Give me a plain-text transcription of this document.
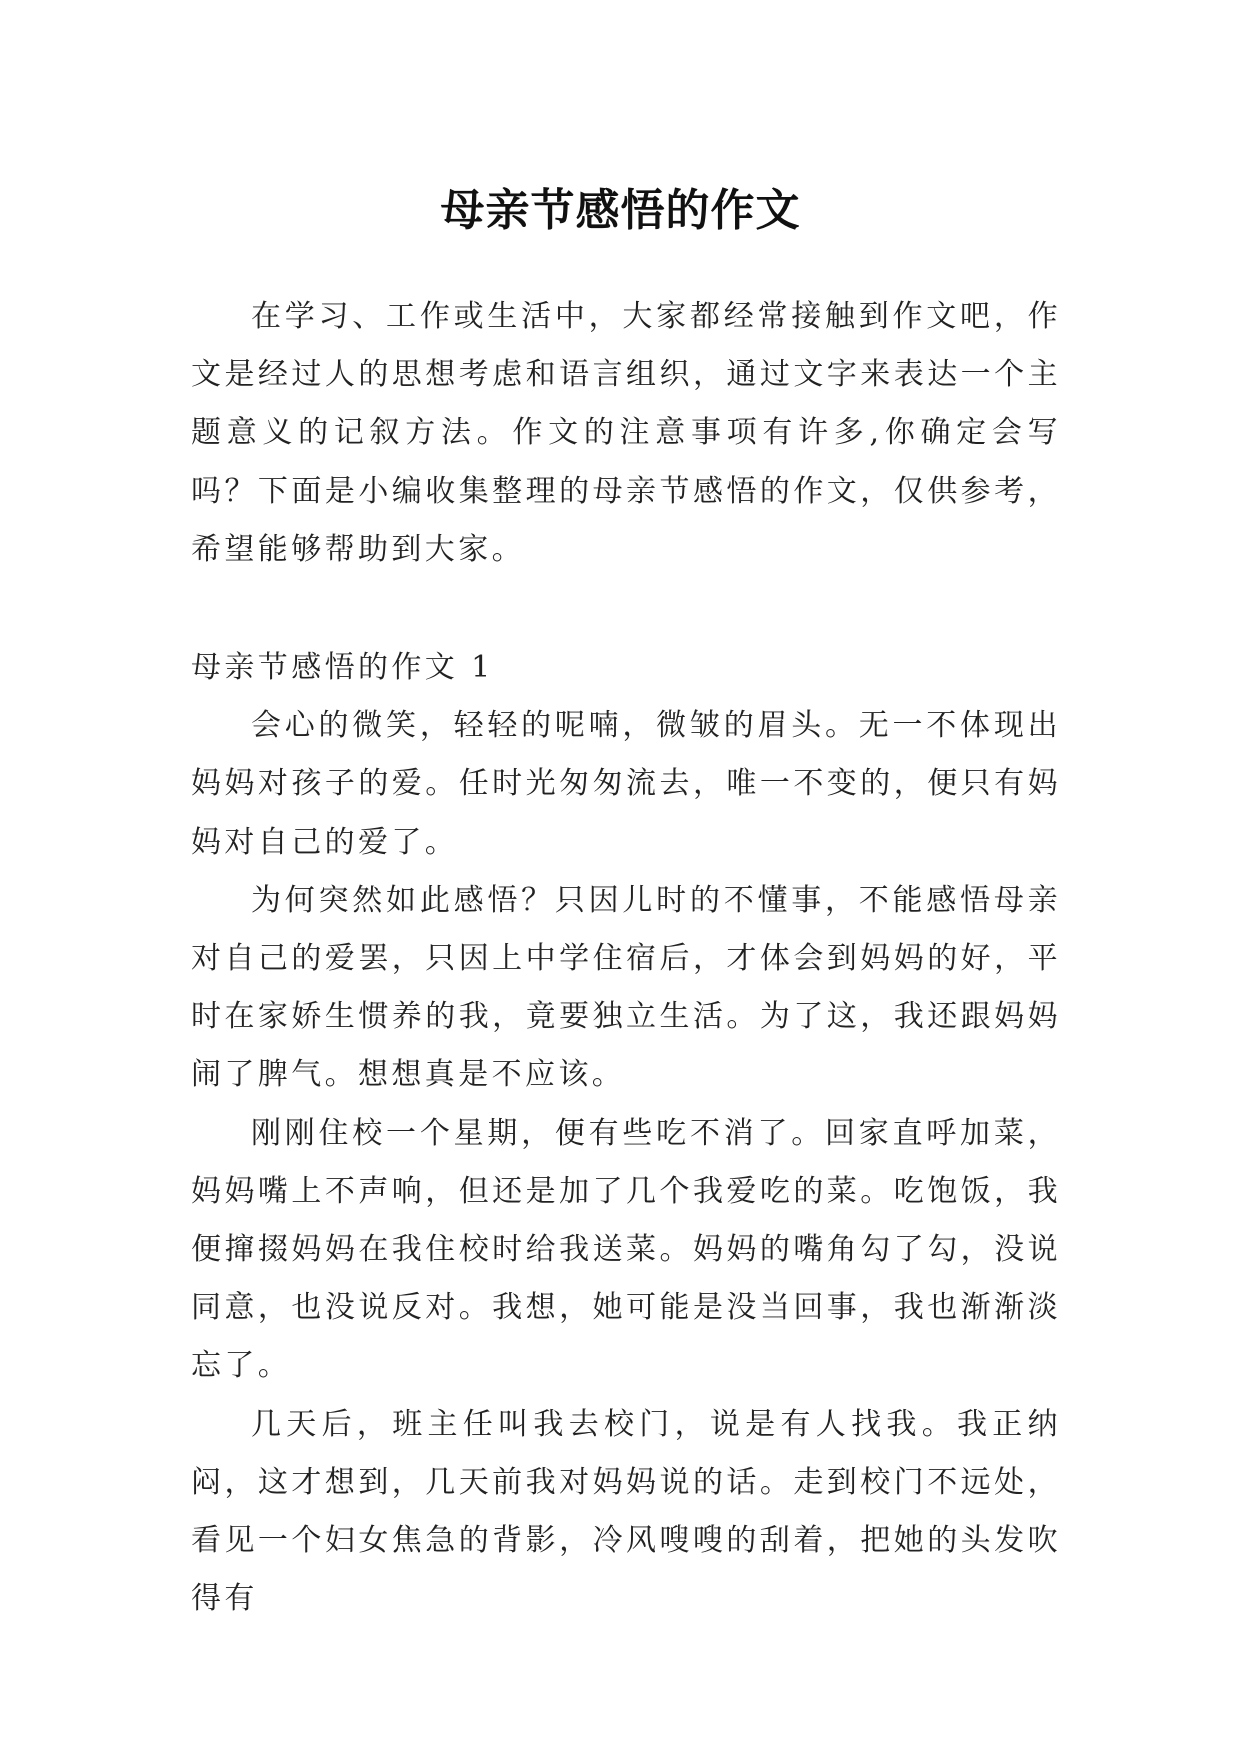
母亲节感悟的作文

在学习、工作或生活中，大家都经常接触到作文吧，作文是经过人的思想考虑和语言组织，通过文字来表达一个主题意义的记叙方法。作文的注意事项有许多,你确定会写吗？下面是小编收集整理的母亲节感悟的作文，仅供参考，希望能够帮助到大家。

母亲节感悟的作文 1

会心的微笑，轻轻的呢喃，微皱的眉头。无一不体现出妈妈对孩子的爱。任时光匆匆流去，唯一不变的，便只有妈妈对自己的爱了。

为何突然如此感悟？只因儿时的不懂事，不能感悟母亲对自己的爱罢，只因上中学住宿后，才体会到妈妈的好，平时在家娇生惯养的我，竟要独立生活。为了这，我还跟妈妈闹了脾气。想想真是不应该。

刚刚住校一个星期，便有些吃不消了。回家直呼加菜，妈妈嘴上不声响，但还是加了几个我爱吃的菜。吃饱饭，我便撺掇妈妈在我住校时给我送菜。妈妈的嘴角勾了勾，没说同意，也没说反对。我想，她可能是没当回事，我也渐渐淡忘了。

几天后，班主任叫我去校门，说是有人找我。我正纳闷，这才想到，几天前我对妈妈说的话。走到校门不远处，看见一个妇女焦急的背影，冷风嗖嗖的刮着，把她的头发吹得有
